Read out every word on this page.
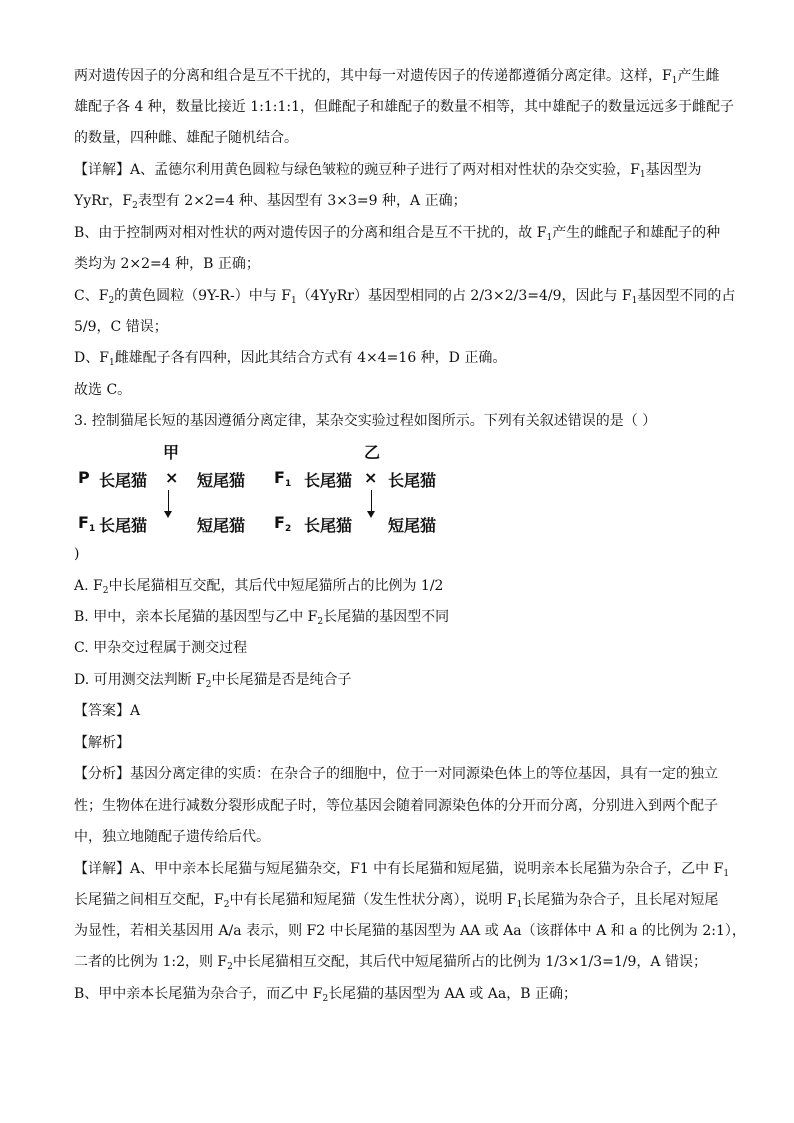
两对遗传因子的分离和组合是互不干扰的，其中每一对遗传因子的传递都遵循分离定律。这样，$F_1$产生雌
雄配子各 4 种，数量比接近 1:1:1:1，但雌配子和雄配子的数量不相等，其中雄配子的数量远远多于雌配子
的数量，四种雌、雄配子随机结合。
【详解】A、孟德尔利用黄色圆粒与绿色皱粒的豌豆种子进行了两对相对性状的杂交实验，$F_1$基因型为
YyRr，$F_2$表型有 2×2=4 种、基因型有 3×3=9 种，A 正确；
B、由于控制两对相对性状的两对遗传因子的分离和组合是互不干扰的，故 $F_1$产生的雌配子和雄配子的种
类均为 2×2=4 种，B 正确；
C、$F_2$的黄色圆粒（9Y-R-）中与 $F_1(4YyRr)$基因型相同的占 2/3×2/3=4/9，因此与 $F_1$基因型不同的占
5/9，C 错误；
D、$F_1$雌雄配子各有四种，因此其结合方式有 4×4=16 种，D 正确。
故选 C。
3. 控制猫尾长短的基因遵循分离定律，某杂交实验过程如图所示。下列有关叙述错误的是（ ）
甲	乙
P 长尾猫 × 短尾猫 $F_1$ 长尾猫 × 长尾猫
$F_1$ 长尾猫	短尾猫 $F_2$ 长尾猫 短尾猫
)
A. $F_2$中长尾猫相互交配，其后代中短尾猫所占的比例为 1/2
B. 甲中，亲本长尾猫的基因型与乙中 $F_2$长尾猫的基因型不同
C. 甲杂交过程属于测交过程
D. 可用测交法判断 $F_2$中长尾猫是否是纯合子
【答案】A
【解析】
【分析】基因分离定律的实质：在杂合子的细胞中，位于一对同源染色体上的等位基因，具有一定的独立
性；生物体在进行减数分裂形成配子时，等位基因会随着同源染色体的分开而分离，分别进入到两个配子
中，独立地随配子遗传给后代。
【详解】A、甲中亲本长尾猫与短尾猫杂交，F1 中有长尾猫和短尾猫，说明亲本长尾猫为杂合子，乙中 $F_1$
长尾猫之间相互交配，$F_2$中有长尾猫和短尾猫（发生性状分离），说明 $F_1$长尾猫为杂合子，且长尾对短尾
为显性，若相关基因用 A/a 表示，则 F2 中长尾猫的基因型为 AA 或 Aa（该群体中 A 和 a 的比例为 2:1），
二者的比例为 1:2，则 $F_2$中长尾猫相互交配，其后代中短尾猫所占的比例为 1/3×1/3=1/9，A 错误；
B、甲中亲本长尾猫为杂合子，而乙中 $F_2$长尾猫的基因型为 AA 或 Aa，B 正确；
